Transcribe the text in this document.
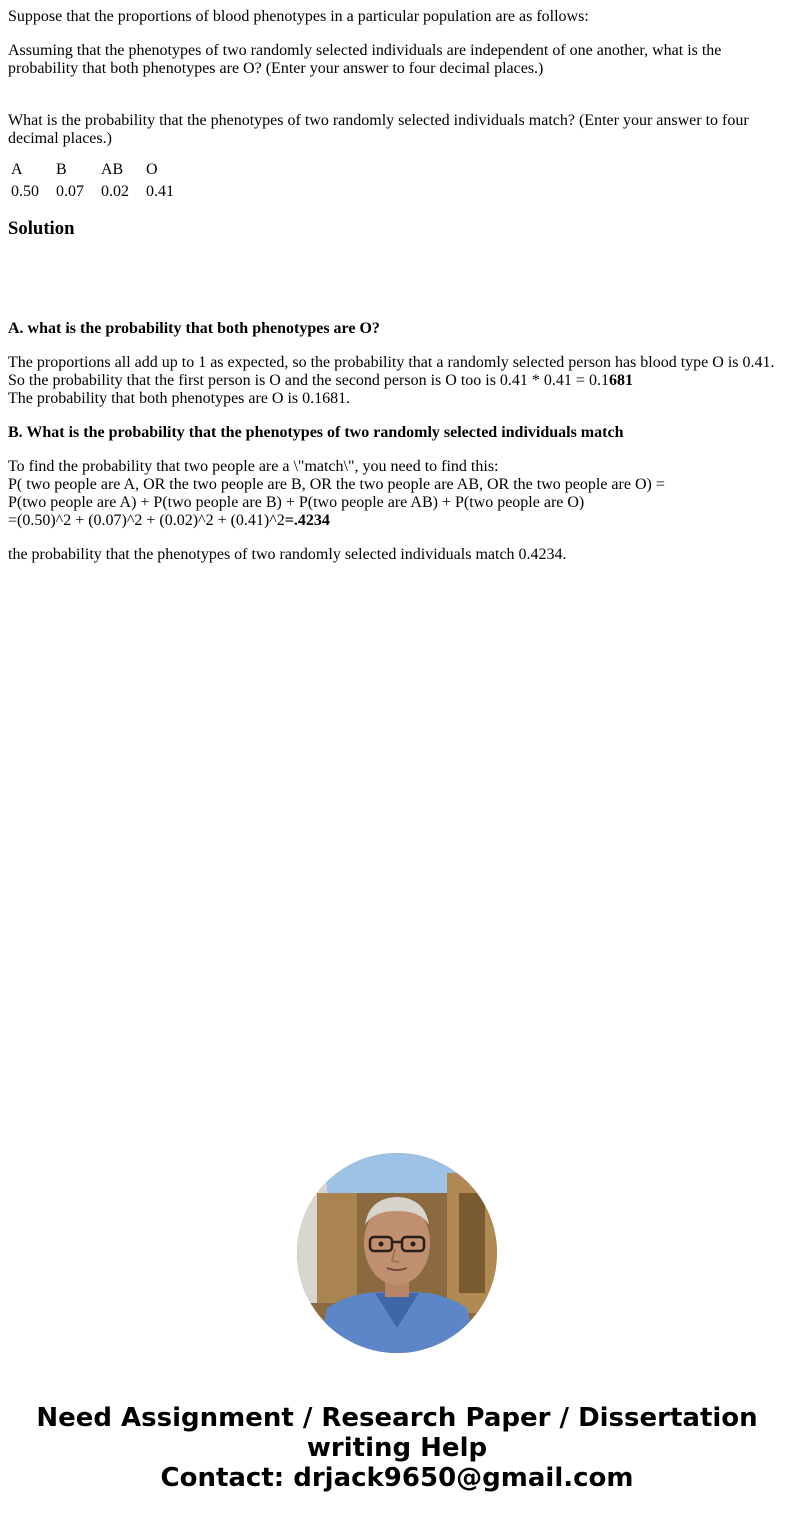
Suppose that the proportions of blood phenotypes in a particular population are as follows:

Assuming that the phenotypes of two randomly selected individuals are independent of one another, what is the probability that both phenotypes are O? (Enter your answer to four decimal places.)

What is the probability that the phenotypes of two randomly selected individuals match? (Enter your answer to four decimal places.)

A	B	AB	O
0.50	0.07	0.02	0.41
Solution

A. what is the probability that both phenotypes are O?

The proportions all add up to 1 as expected, so the probability that a randomly selected person has blood type O is 0.41.
So the probability that the first person is O and the second person is O too is 0.41 * 0.41 = 0.1681
The probability that both phenotypes are O is 0.1681.

B. What is the probability that the phenotypes of two randomly selected individuals match

To find the probability that two people are a \"match\", you need to find this:
P( two people are A, OR the two people are B, OR the two people are AB, OR the two people are O) =
P(two people are A) + P(two people are B) + P(two people are AB) + P(two people are O)
=(0.50)^2 + (0.07)^2 + (0.02)^2 + (0.41)^2=.4234

the probability that the phenotypes of two randomly selected individuals match 0.4234.

Need Assignment / Research Paper / Dissertation
writing Help
Contact: drjack9650@gmail.com
